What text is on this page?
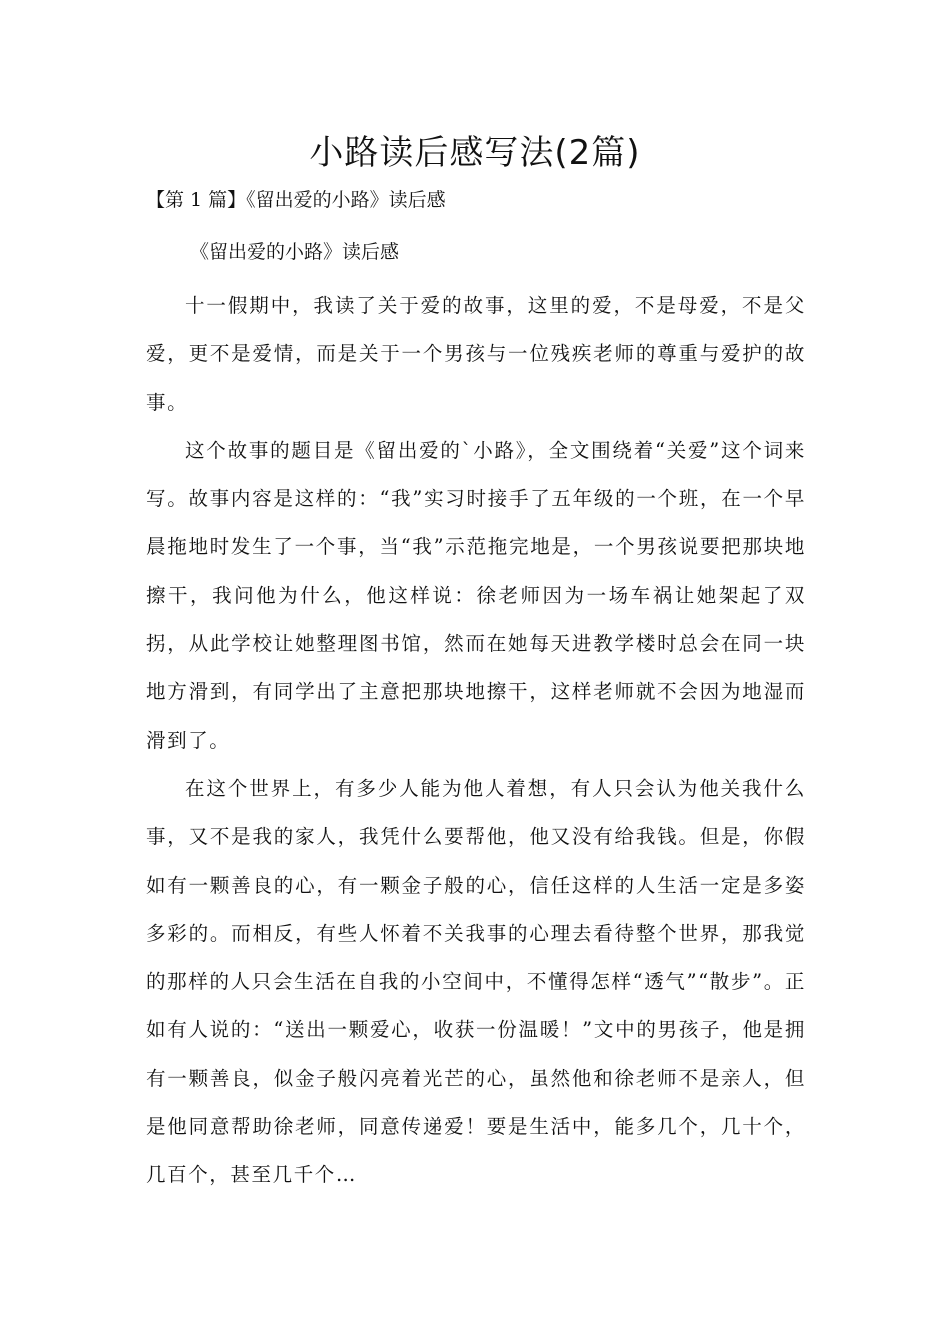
小路读后感写法(2篇)

【第 1 篇】《留出爱的小路》读后感

《留出爱的小路》读后感

十一假期中，我读了关于爱的故事，这里的爱，不是母爱，不是父爱，更不是爱情，而是关于一个男孩与一位残疾老师的尊重与爱护的故事。

这个故事的题目是《留出爱的`小路》，全文围绕着“关爱”这个词来写。故事内容是这样的：“我”实习时接手了五年级的一个班，在一个早晨拖地时发生了一个事，当“我”示范拖完地是，一个男孩说要把那块地擦干，我问他为什么，他这样说：徐老师因为一场车祸让她架起了双拐，从此学校让她整理图书馆，然而在她每天进教学楼时总会在同一块地方滑到，有同学出了主意把那块地擦干，这样老师就不会因为地湿而滑到了。

在这个世界上，有多少人能为他人着想，有人只会认为他关我什么事，又不是我的家人，我凭什么要帮他，他又没有给我钱。但是，你假如有一颗善良的心，有一颗金子般的心，信任这样的人生活一定是多姿多彩的。而相反，有些人怀着不关我事的心理去看待整个世界，那我觉的那样的人只会生活在自我的小空间中，不懂得怎样“透气”“散步”。正如有人说的：“送出一颗爱心，收获一份温暖！”文中的男孩子，他是拥有一颗善良，似金子般闪亮着光芒的心，虽然他和徐老师不是亲人，但是他同意帮助徐老师，同意传递爱！要是生活中，能多几个，几十个，几百个，甚至几千个…
